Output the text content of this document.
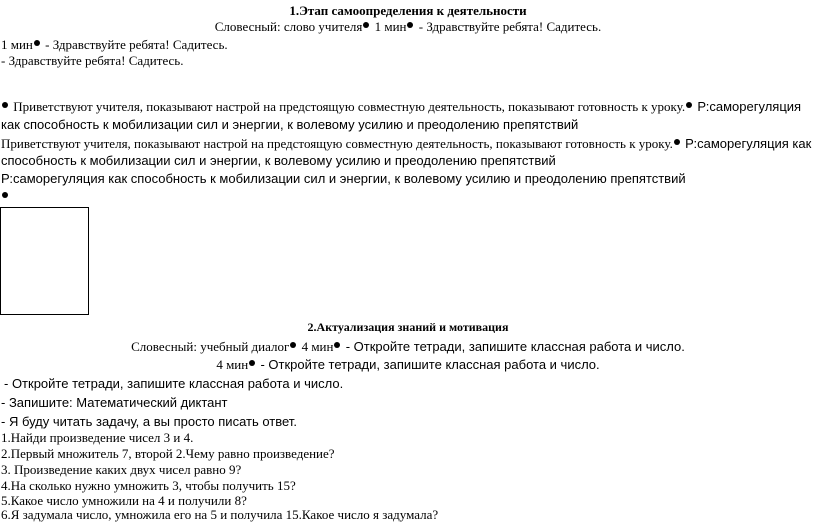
1.Этап самоопределения к деятельности
Словесный: слово учителя 1 мин - Здравствуйте ребята! Садитесь.
1 мин - Здравствуйте ребята! Садитесь.
- Здравствуйте ребята! Садитесь.
Приветствуют учителя, показывают настрой на предстоящую совместную деятельность, показывают готовность к уроку. Р:саморегуляция
как способность к мобилизации сил и энергии, к волевому усилию и преодолению препятствий
Приветствуют учителя, показывают настрой на предстоящую совместную деятельность, показывают готовность к уроку. Р:саморегуляция как
способность к мобилизации сил и энергии, к волевому усилию и преодолению препятствий
Р:саморегуляция как способность к мобилизации сил и энергии, к волевому усилию и преодолению препятствий
2.Актуализация знаний и мотивация
Словесный: учебный диалог 4 мин - Откройте тетради, запишите классная работа и число.
4 мин - Откройте тетради, запишите классная работа и число.
- Откройте тетради, запишите классная работа и число.
- Запишите: Математический диктант
- Я буду читать задачу, а вы просто писать ответ.
1.Найди произведение чисел 3 и 4.
2.Первый множитель 7, второй 2.Чему равно произведение?
3. Произведение каких двух чисел равно 9?
4.На сколько нужно умножить 3, чтобы получить 15?
5.Какое число умножили на 4 и получили 8?
6.Я задумала число, умножила его на 5 и получила 15.Какое число я задумала?
